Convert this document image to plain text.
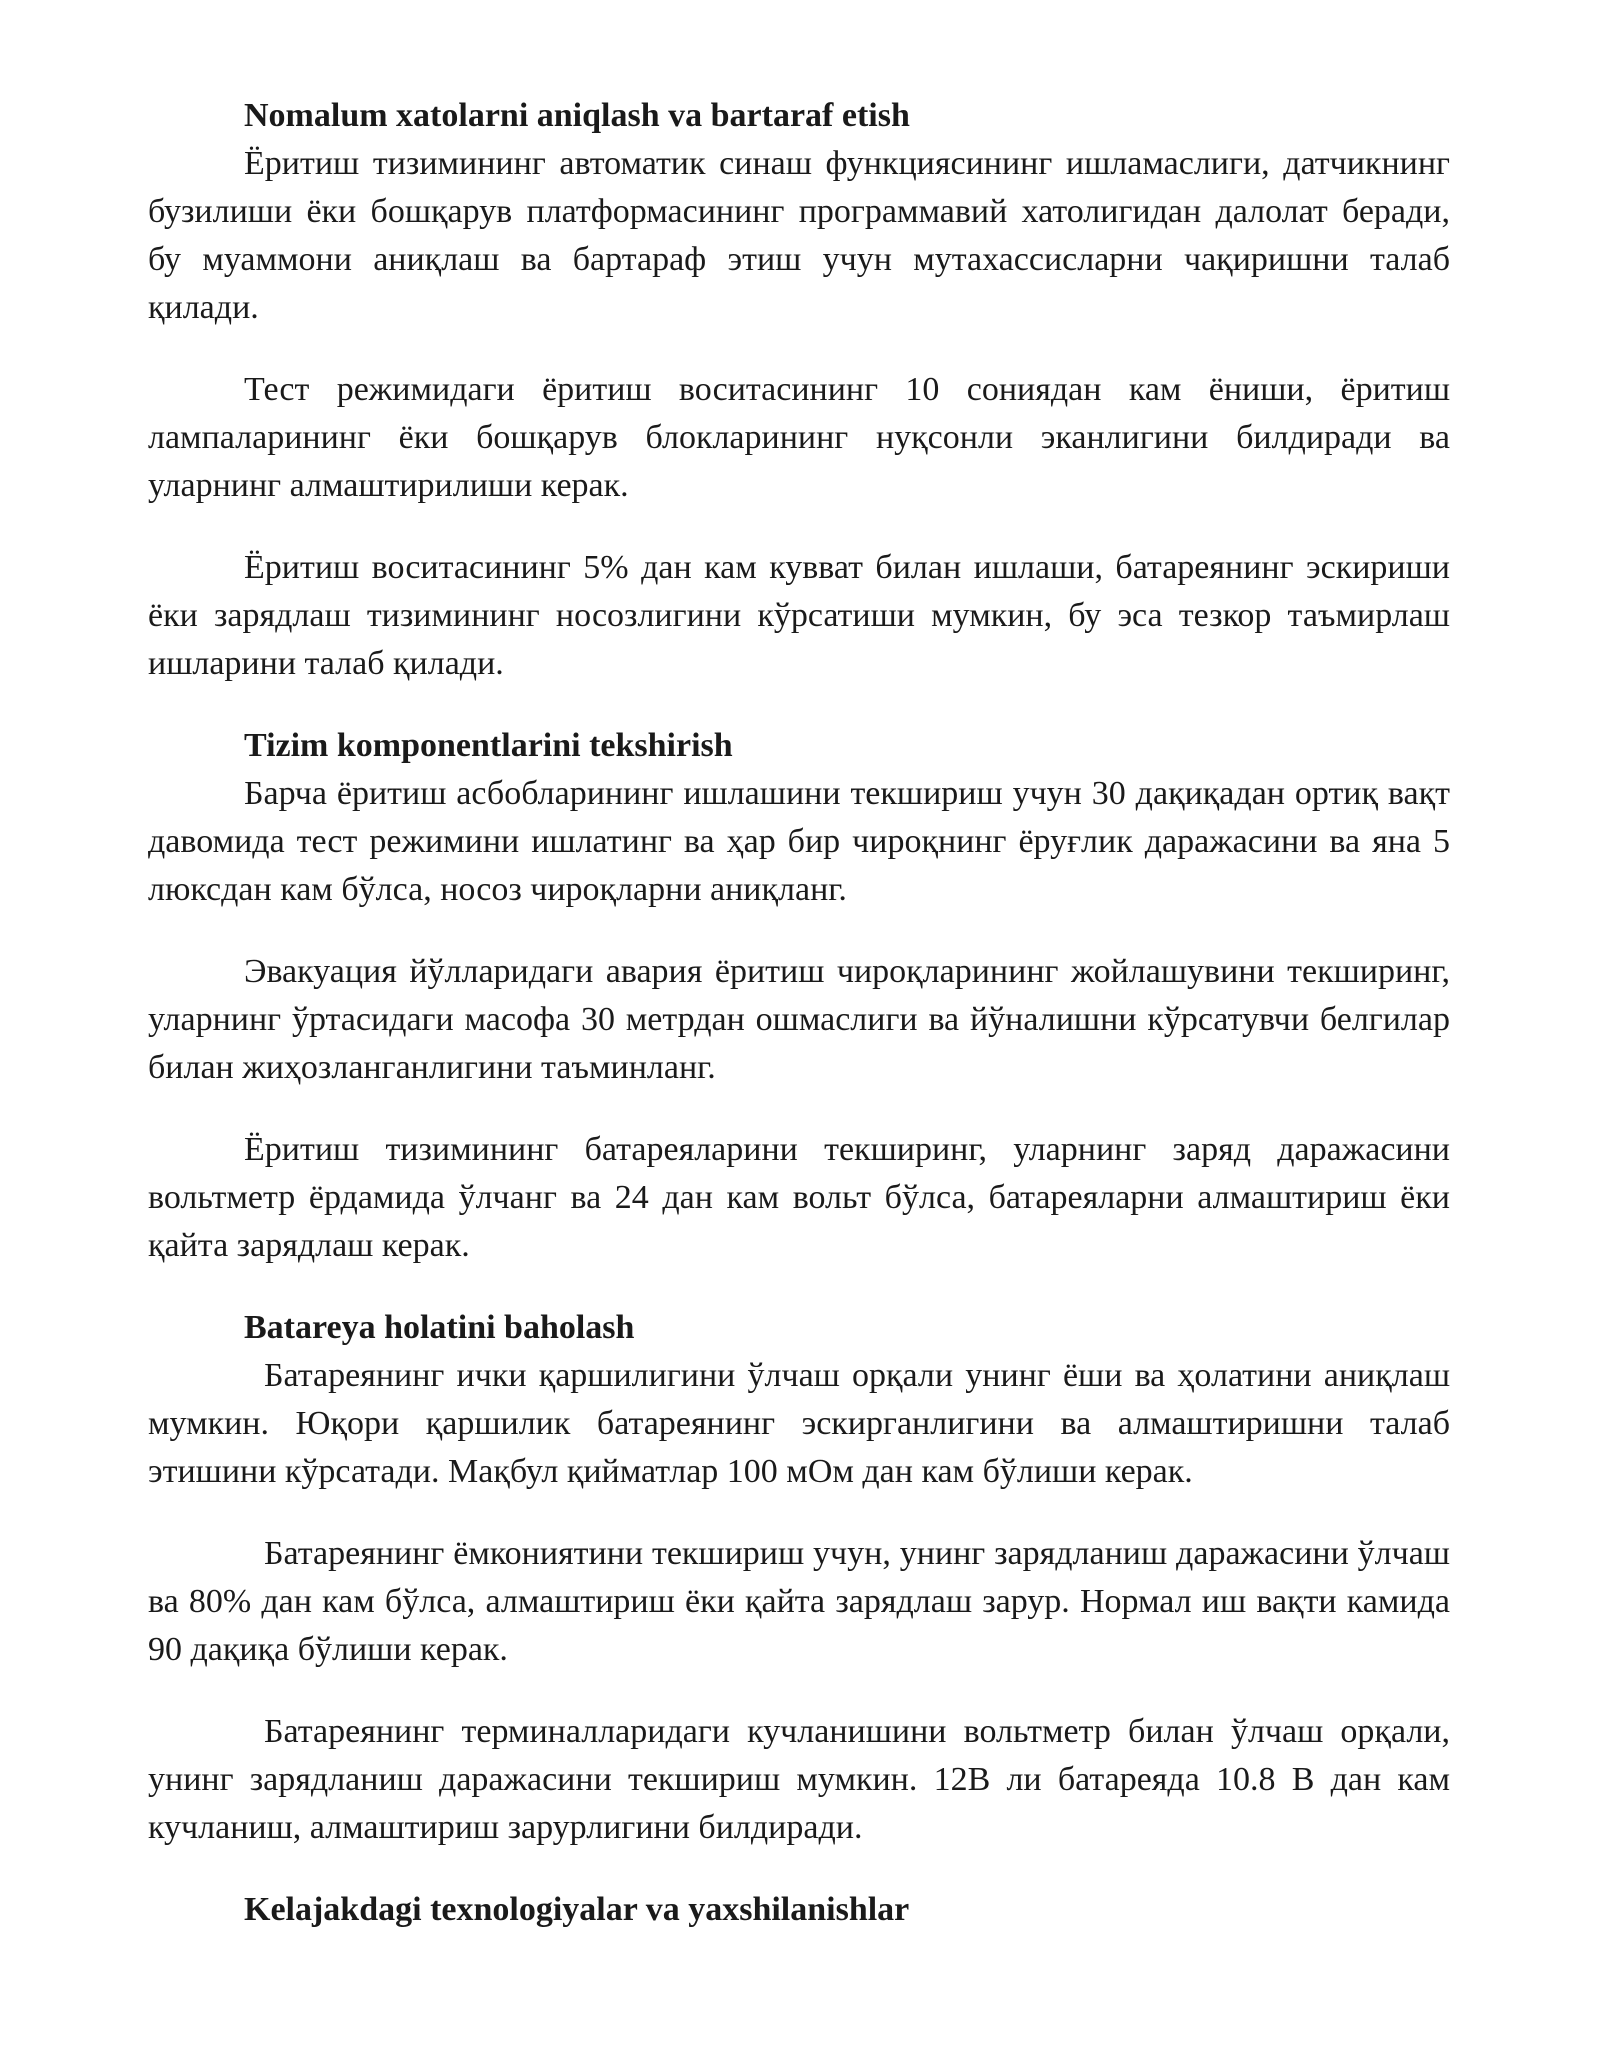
Nomalum xatolarni aniqlash va bartaraf etish

Ёритиш тизимининг автоматик синаш функциясининг ишламаслиги, датчикнинг бузилиши ёки бошқарув платформасининг программавий хатолигидан далолат беради, бу муаммони аниқлаш ва бартараф этиш учун мутахассисларни чақиришни талаб қилади.

Тест режимидаги ёритиш воситасининг 10 сониядан кам ёниши, ёритиш лампаларининг ёки бошқарув блокларининг нуқсонли эканлигини билдиради ва уларнинг алмаштирилиши керак.

Ёритиш воситасининг 5% дан кам кувват билан ишлаши, батареянинг эскириши ёки зарядлаш тизимининг носозлигини кўрсатиши мумкин, бу эса тезкор таъмирлаш ишларини талаб қилади.

Tizim komponentlarini tekshirish

Барча ёритиш асбобларининг ишлашини текшириш учун 30 дақиқадан ортиқ вақт давомида тест режимини ишлатинг ва ҳар бир чироқнинг ёруғлик даражасини ва яна 5 люксдан кам бўлса, носоз чироқларни аниқланг.

Эвакуация йўлларидаги авария ёритиш чироқларининг жойлашувини текширинг, уларнинг ўртасидаги масофа 30 метрдан ошмаслиги ва йўналишни кўрсатувчи белгилар билан жиҳозланганлигини таъминланг.

Ёритиш тизимининг батареяларини текширинг, уларнинг заряд даражасини вольтметр ёрдамида ўлчанг ва 24 дан кам вольт бўлса, батареяларни алмаштириш ёки қайта зарядлаш керак.

Batareya holatini baholash

Батареянинг ички қаршилигини ўлчаш орқали унинг ёши ва ҳолатини аниқлаш мумкин. Юқори қаршилик батареянинг эскирганлигини ва алмаштиришни талаб этишини кўрсатади. Мақбул қийматлар 100 мОм дан кам бўлиши керак.

Батареянинг ёмкониятини текшириш учун, унинг зарядланиш даражасини ўлчаш ва 80% дан кам бўлса, алмаштириш ёки қайта зарядлаш зарур. Нормал иш вақти камида 90 дақиқа бўлиши керак.

Батареянинг терминалларидаги кучланишини вольтметр билан ўлчаш орқали, унинг зарядланиш даражасини текшириш мумкин. 12В ли батареяда 10.8 В дан кам кучланиш, алмаштириш зарурлигини билдиради.

Kelajakdagi texnologiyalar va yaxshilanishlar
